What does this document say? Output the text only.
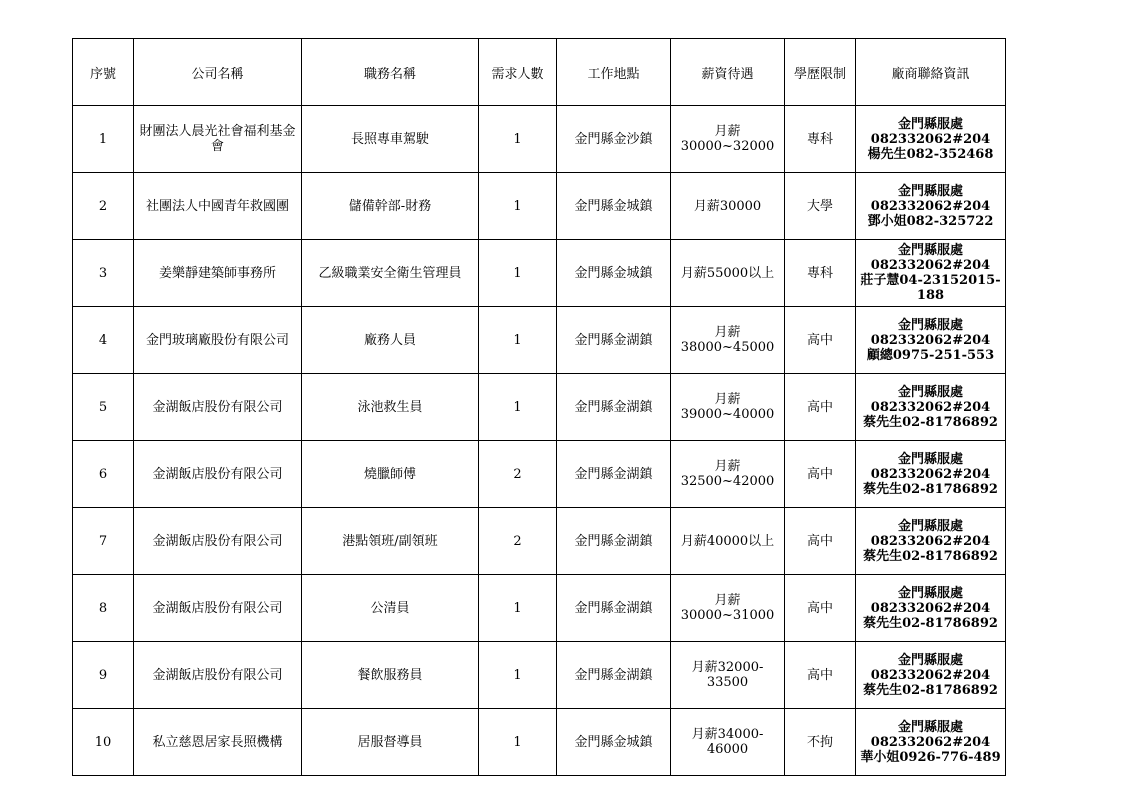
序號	公司名稱	職務名稱	需求人數	工作地點	薪資待遇	學歷限制	廠商聯絡資訊
1	財團法人晨光社會福利基金會	長照專車駕駛	1	金門縣金沙鎮	月薪
30000~32000	專科	金門縣服處082332062#204
楊先生082-352468

2	社團法人中國青年救國團	儲備幹部-財務	1	金門縣金城鎮	月薪30000	大學	金門縣服處082332062#204
鄧小姐082-325722

3	姜樂靜建築師事務所	乙級職業安全衛生管理員	1	金門縣金城鎮	月薪55000以上	專科	金門縣服處082332062#204
莊子慧04-23152015-188

4	金門玻璃廠股份有限公司	廠務人員	1	金門縣金湖鎮	月薪
38000~45000	高中	金門縣服處082332062#204
顧總0975-251-553

5	金湖飯店股份有限公司	泳池救生員	1	金門縣金湖鎮	月薪
39000~40000	高中	金門縣服處082332062#204
蔡先生02-81786892

6	金湖飯店股份有限公司	燒臘師傅	2	金門縣金湖鎮	月薪
32500~42000	高中	金門縣服處082332062#204
蔡先生02-81786892

7	金湖飯店股份有限公司	港點領班/副領班	2	金門縣金湖鎮	月薪40000以上	高中	金門縣服處082332062#204
蔡先生02-81786892

8	金湖飯店股份有限公司	公清員	1	金門縣金湖鎮	月薪
30000~31000	高中	金門縣服處082332062#204
蔡先生02-81786892

9	金湖飯店股份有限公司	餐飲服務員	1	金門縣金湖鎮	月薪32000-
33500	高中	金門縣服處082332062#204
蔡先生02-81786892

10	私立慈恩居家長照機構	居服督導員	1	金門縣金城鎮	月薪34000-
46000	不拘	金門縣服處082332062#204
華小姐0926-776-489
